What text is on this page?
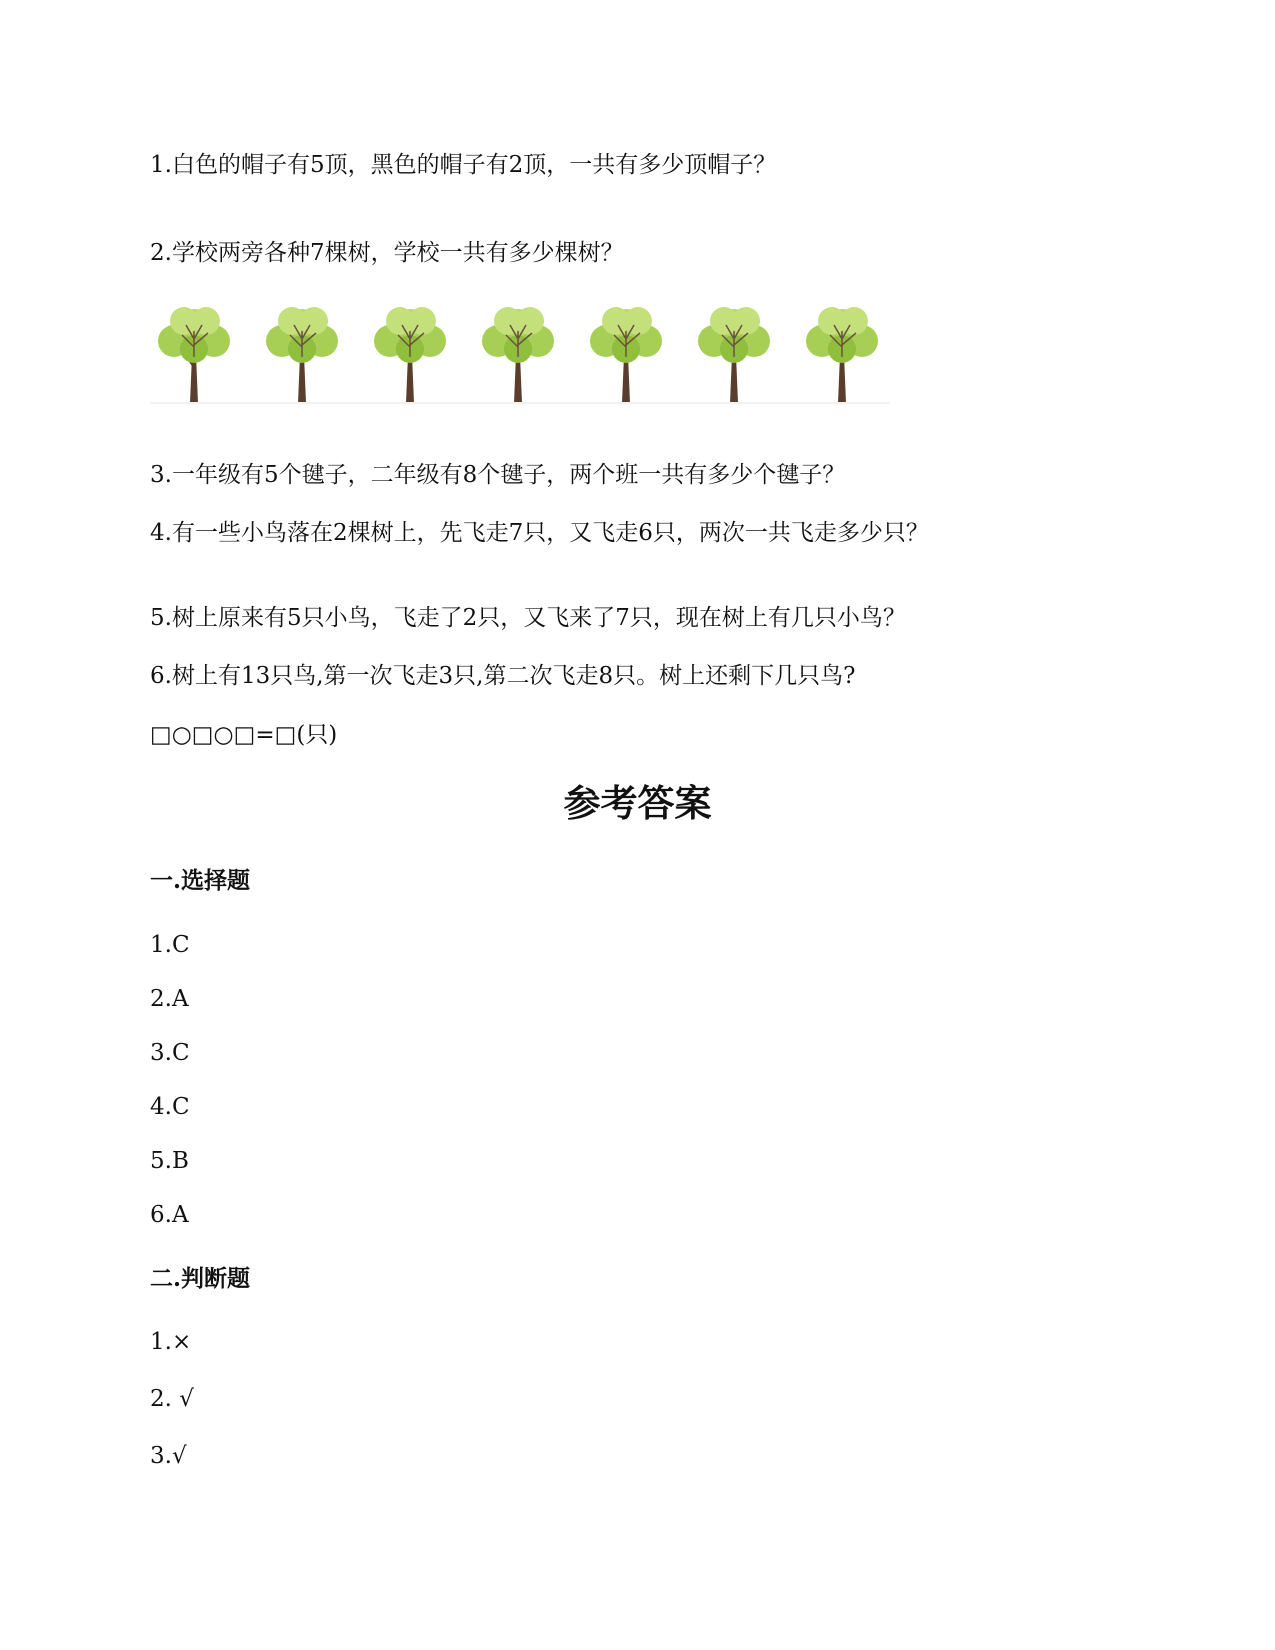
1.白色的帽子有5顶，黑色的帽子有2顶，一共有多少顶帽子？
2.学校两旁各种7棵树，学校一共有多少棵树？
3.一年级有5个毽子，二年级有8个毽子，两个班一共有多少个毽子？
4.有一些小鸟落在2棵树上，先飞走7只，又飞走6只，两次一共飞走多少只？
5.树上原来有5只小鸟，飞走了2只，又飞来了7只，现在树上有几只小鸟？
6.树上有13只鸟,第一次飞走3只,第二次飞走8只。树上还剩下几只鸟?
□○□○□=□(只)
参考答案
一.选择题
1.C
2.A
3.C
4.C
5.B
6.A
二.判断题
1.×
2. √
3.√
